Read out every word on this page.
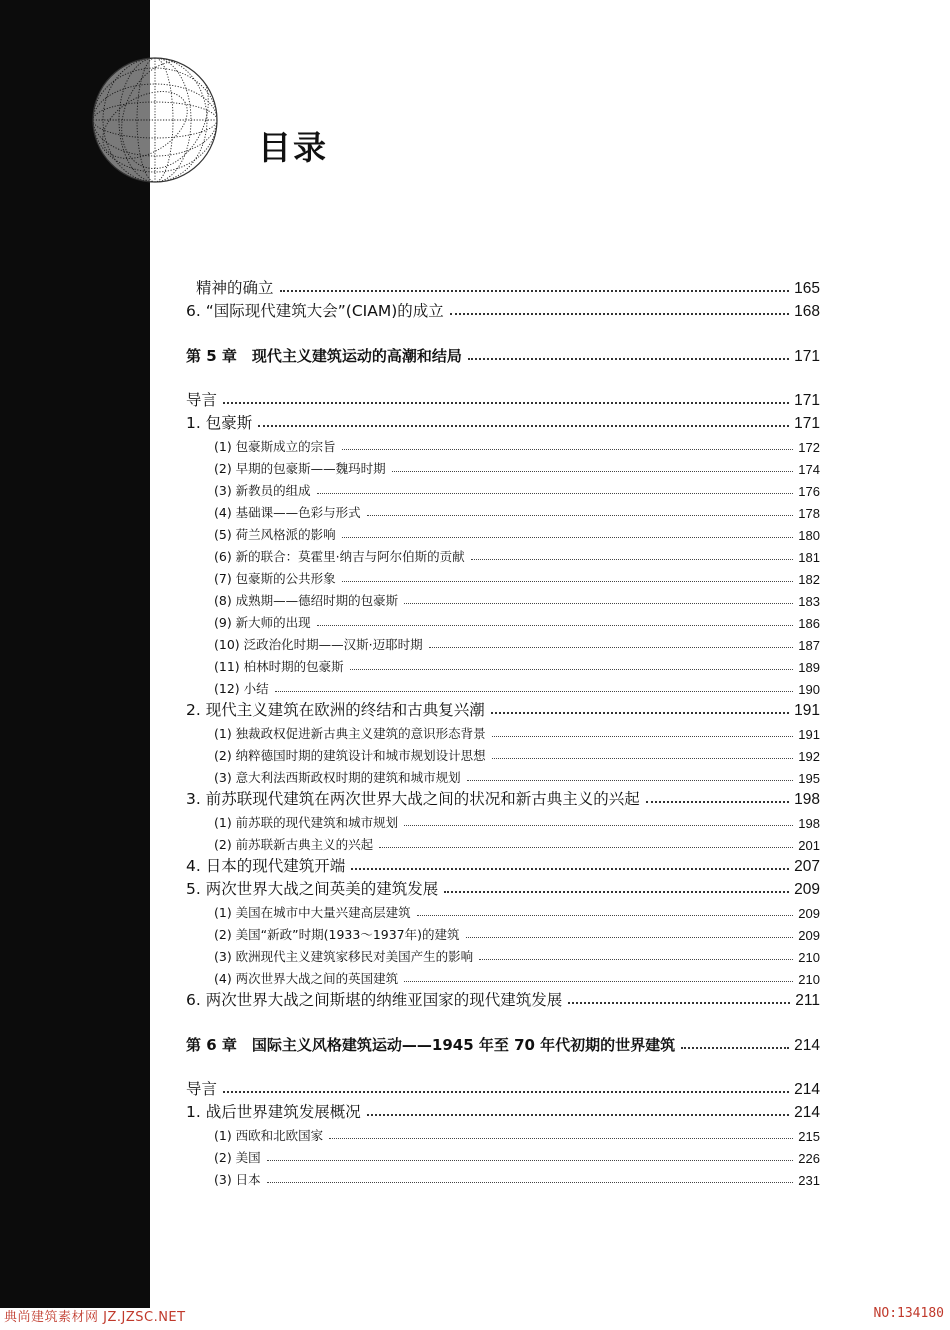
目录
精神的确立	165
6. “国际现代建筑大会”(CIAM)的成立	168
第 5 章　现代主义建筑运动的高潮和结局	171
导言	171
1. 包豪斯	171
(1) 包豪斯成立的宗旨	172
(2) 早期的包豪斯——魏玛时期	174
(3) 新教员的组成	176
(4) 基础课——色彩与形式	178
(5) 荷兰风格派的影响	180
(6) 新的联合：莫霍里·纳吉与阿尔伯斯的贡献	181
(7) 包豪斯的公共形象	182
(8) 成熟期——德绍时期的包豪斯	183
(9) 新大师的出现	186
(10) 泛政治化时期——汉斯·迈耶时期	187
(11) 柏林时期的包豪斯	189
(12) 小结	190
2. 现代主义建筑在欧洲的终结和古典复兴潮	191
(1) 独裁政权促进新古典主义建筑的意识形态背景	191
(2) 纳粹德国时期的建筑设计和城市规划设计思想	192
(3) 意大利法西斯政权时期的建筑和城市规划	195
3. 前苏联现代建筑在两次世界大战之间的状况和新古典主义的兴起	198
(1) 前苏联的现代建筑和城市规划	198
(2) 前苏联新古典主义的兴起	201
4. 日本的现代建筑开端	207
5. 两次世界大战之间英美的建筑发展	209
(1) 美国在城市中大量兴建高层建筑	209
(2) 美国“新政”时期(1933～1937年)的建筑	209
(3) 欧洲现代主义建筑家移民对美国产生的影响	210
(4) 两次世界大战之间的英国建筑	210
6. 两次世界大战之间斯堪的纳维亚国家的现代建筑发展	211
第 6 章　国际主义风格建筑运动——1945 年至 70 年代初期的世界建筑	214
导言	214
1. 战后世界建筑发展概况	214
(1) 西欧和北欧国家	215
(2) 美国	226
(3) 日本	231
典尚建筑素材网 JZ.JZSC.NET	NO:134180
